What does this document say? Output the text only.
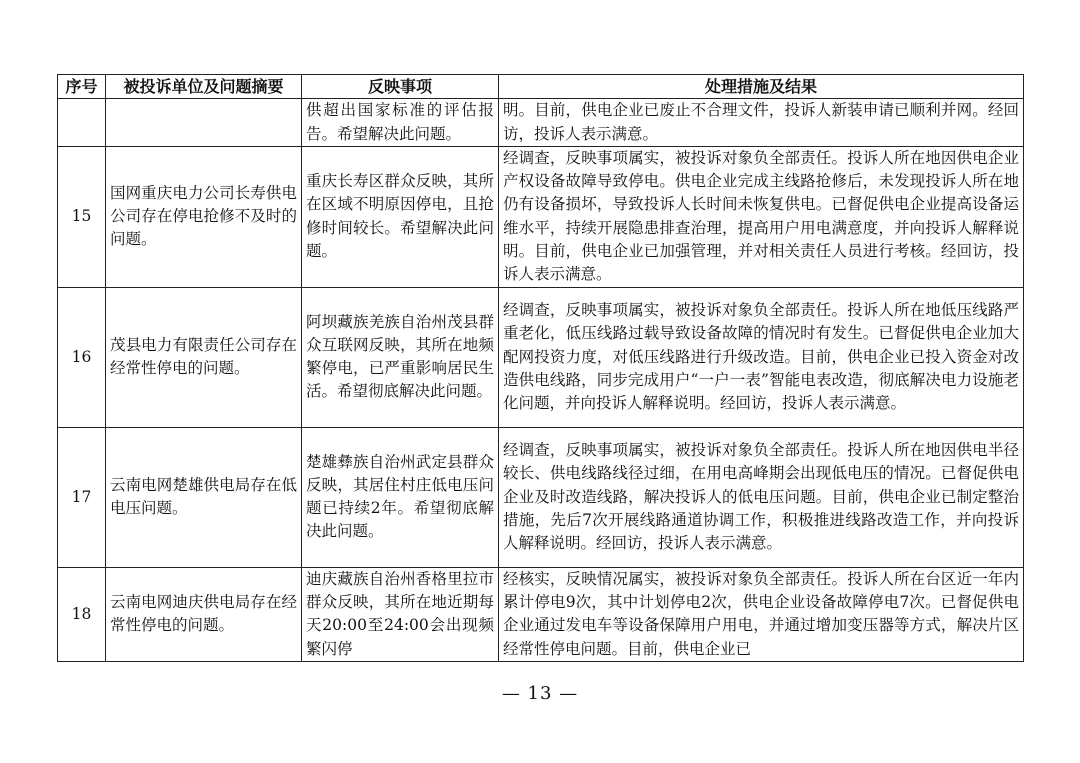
序号	被投诉单位及问题摘要	反映事项	处理措施及结果
		供超出国家标准的评估报告。希望解决此问题。	明。目前，供电企业已废止不合理文件，投诉人新装申请已顺利并网。经回访，投诉人表示满意。
15	国网重庆电力公司长寿供电公司存在停电抢修不及时的问题。	重庆长寿区群众反映，其所在区域不明原因停电，且抢修时间较长。希望解决此问题。	经调查，反映事项属实，被投诉对象负全部责任。投诉人所在地因供电企业产权设备故障导致停电。供电企业完成主线路抢修后，未发现投诉人所在地仍有设备损坏，导致投诉人长时间未恢复供电。已督促供电企业提高设备运维水平，持续开展隐患排查治理，提高用户用电满意度，并向投诉人解释说明。目前，供电企业已加强管理，并对相关责任人员进行考核。经回访，投诉人表示满意。
16	茂县电力有限责任公司存在经常性停电的问题。	阿坝藏族羌族自治州茂县群众互联网反映，其所在地频繁停电，已严重影响居民生活。希望彻底解决此问题。	经调查，反映事项属实，被投诉对象负全部责任。投诉人所在地低压线路严重老化，低压线路过载导致设备故障的情况时有发生。已督促供电企业加大配网投资力度，对低压线路进行升级改造。目前，供电企业已投入资金对改造供电线路，同步完成用户“一户一表”智能电表改造，彻底解决电力设施老化问题，并向投诉人解释说明。经回访，投诉人表示满意。
17	云南电网楚雄供电局存在低电压问题。	楚雄彝族自治州武定县群众反映，其居住村庄低电压问题已持续2年。希望彻底解决此问题。	经调查，反映事项属实，被投诉对象负全部责任。投诉人所在地因供电半径较长、供电线路线径过细，在用电高峰期会出现低电压的情况。已督促供电企业及时改造线路，解决投诉人的低电压问题。目前，供电企业已制定整治措施，先后7次开展线路通道协调工作，积极推进线路改造工作，并向投诉人解释说明。经回访，投诉人表示满意。
18	云南电网迪庆供电局存在经常性停电的问题。	迪庆藏族自治州香格里拉市群众反映，其所在地近期每天20:00至24:00会出现频繁闪停	经核实，反映情况属实，被投诉对象负全部责任。投诉人所在台区近一年内累计停电9次，其中计划停电2次，供电企业设备故障停电7次。已督促供电企业通过发电车等设备保障用户用电，并通过增加变压器等方式，解决片区经常性停电问题。目前，供电企业已
— 13 —
